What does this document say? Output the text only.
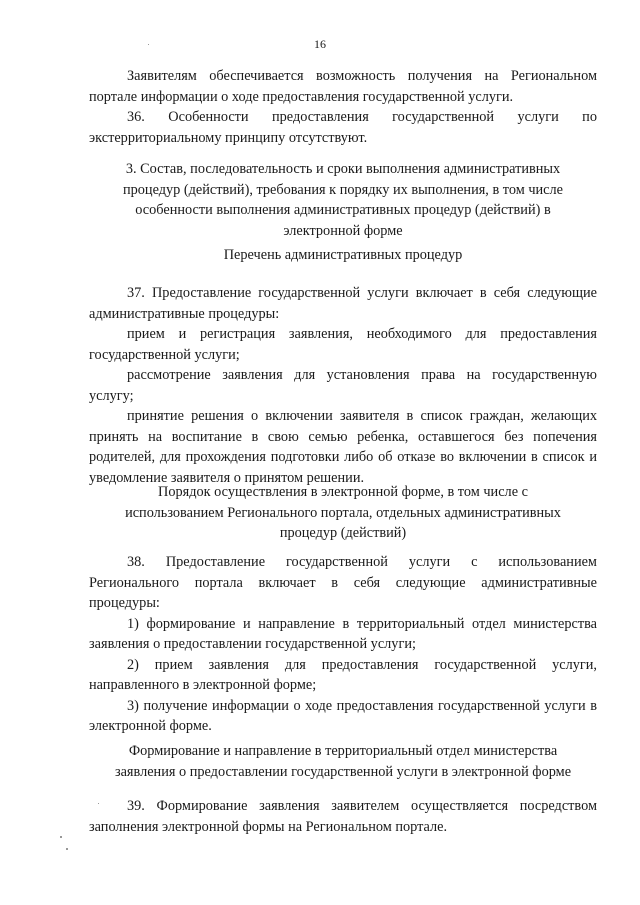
16

Заявителям обеспечивается возможность получения на Региональном портале информации о ходе предоставления государственной услуги.

36. Особенности предоставления государственной услуги по экстерриториальному принципу отсутствуют.

3. Состав, последовательность и сроки выполнения административных процедур (действий), требования к порядку их выполнения, в том числе особенности выполнения административных процедур (действий) в электронной форме

Перечень административных процедур

37. Предоставление государственной услуги включает в себя следующие административные процедуры:

прием и регистрация заявления, необходимого для предоставления государственной услуги;

рассмотрение заявления для установления права на государственную услугу;

принятие решения о включении заявителя в список граждан, желающих принять на воспитание в свою семью ребенка, оставшегося без попечения родителей, для прохождения подготовки либо об отказе во включении в список и уведомление заявителя о принятом решении.

Порядок осуществления в электронной форме, в том числе с использованием Регионального портала, отдельных административных процедур (действий)

38. Предоставление государственной услуги с использованием Регионального портала включает в себя следующие административные процедуры:

1) формирование и направление в территориальный отдел министерства заявления о предоставлении государственной услуги;

2) прием заявления для предоставления государственной услуги, направленного в электронной форме;

3) получение информации о ходе предоставления государственной услуги в электронной форме.

Формирование и направление в территориальный отдел министерства заявления о предоставлении государственной услуги в электронной форме

39. Формирование заявления заявителем осуществляется посредством заполнения электронной формы на Региональном портале.
